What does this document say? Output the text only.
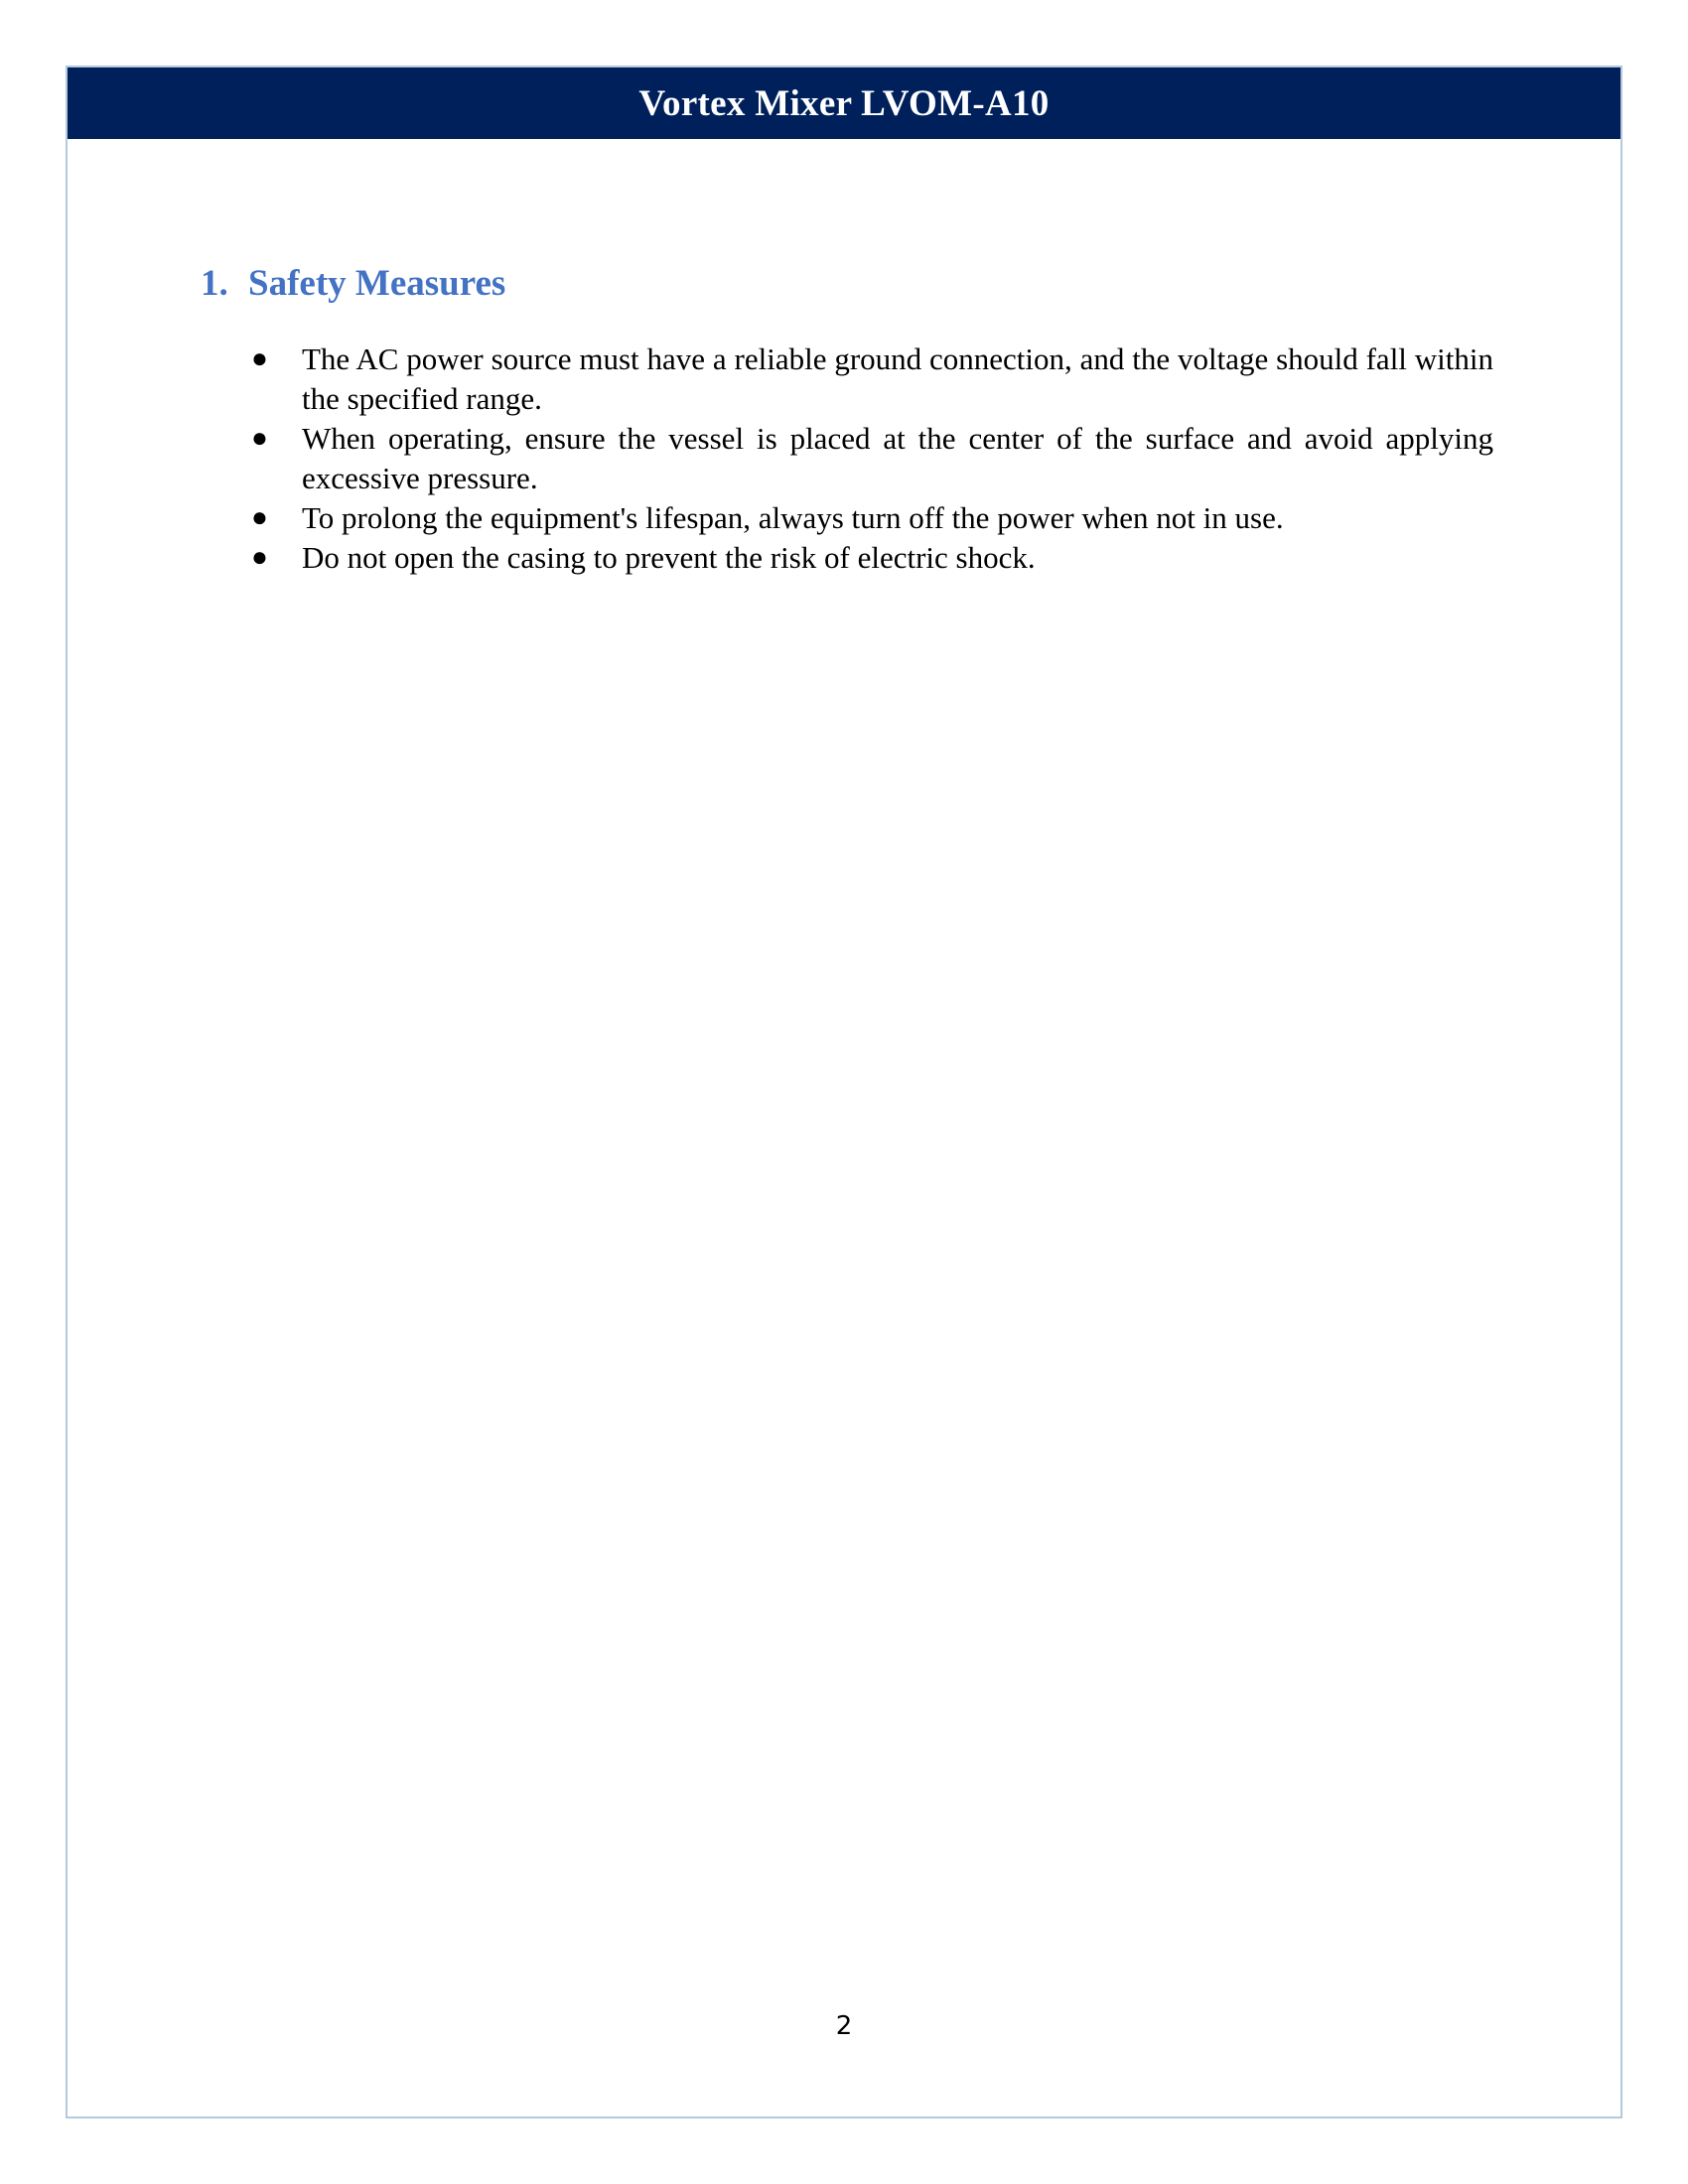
Vortex Mixer LVOM-A10
1. Safety Measures
●	The AC power source must have a reliable ground connection, and the voltage should fall within the specified range.
●	When operating, ensure the vessel is placed at the center of the surface and avoid applying excessive pressure.
●	To prolong the equipment's lifespan, always turn off the power when not in use.
●	Do not open the casing to prevent the risk of electric shock.
2
